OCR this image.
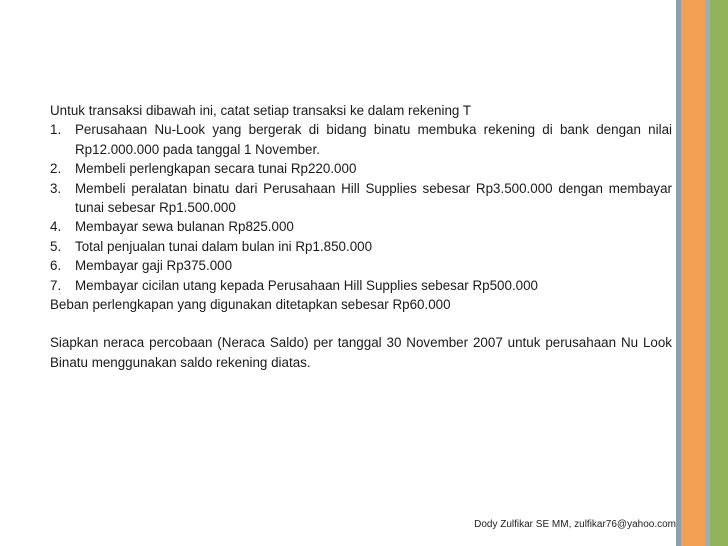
Untuk transaksi dibawah ini, catat setiap transaksi ke dalam rekening T

1. Perusahaan Nu-Look yang bergerak di bidang binatu membuka rekening di bank dengan nilai Rp12.000.000 pada tanggal 1 November.
2. Membeli perlengkapan secara tunai Rp220.000
3. Membeli peralatan binatu dari Perusahaan Hill Supplies sebesar Rp3.500.000 dengan membayar tunai sebesar Rp1.500.000
4. Membayar sewa bulanan Rp825.000
5. Total penjualan tunai dalam bulan ini Rp1.850.000
6. Membayar gaji Rp375.000
7. Membayar cicilan utang kepada Perusahaan Hill Supplies sebesar Rp500.000

Beban perlengkapan yang digunakan ditetapkan sebesar Rp60.000

Siapkan neraca percobaan (Neraca Saldo) per tanggal 30 November 2007 untuk perusahaan Nu Look Binatu menggunakan saldo rekening diatas.

Dody Zulfikar SE MM, zulfikar76@yahoo.com
